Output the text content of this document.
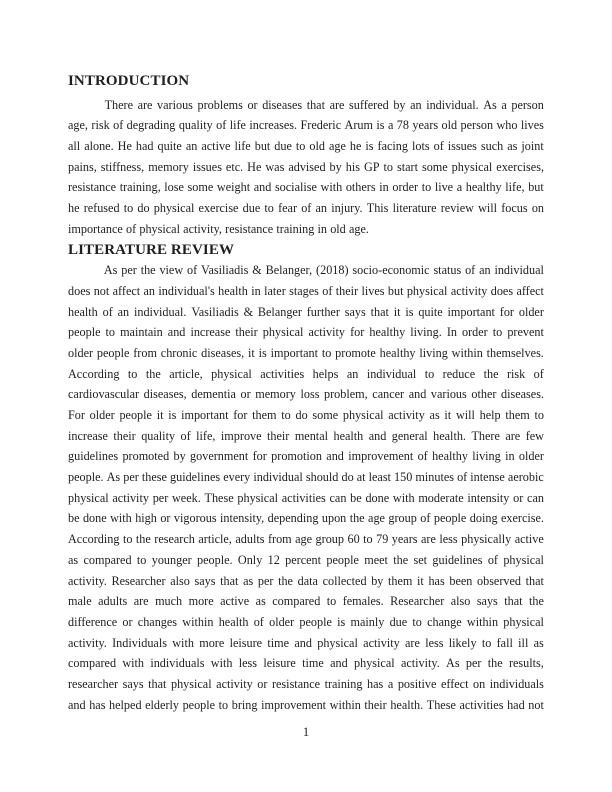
INTRODUCTION
There are various problems or diseases that are suffered by an individual. As a person
age, risk of degrading quality of life increases. Frederic Arum is a 78 years old person who lives
all alone. He had quite an active life but due to old age he is facing lots of issues such as joint
pains, stiffness, memory issues etc. He was advised by his GP to start some physical exercises,
resistance training, lose some weight and socialise with others in order to live a healthy life, but
he refused to do physical exercise due to fear of an injury. This literature review will focus on
importance of physical activity, resistance training in old age.
LITERATURE REVIEW
As per the view of Vasiliadis & Belanger, (2018) socio-economic status of an individual
does not affect an individual's health in later stages of their lives but physical activity does affect
health of an individual. Vasiliadis & Belanger further says that it is quite important for older
people to maintain and increase their physical activity for healthy living. In order to prevent
older people from chronic diseases, it is important to promote healthy living within themselves.
According to the article, physical activities helps an individual to reduce the risk of
cardiovascular diseases, dementia or memory loss problem, cancer and various other diseases.
For older people it is important for them to do some physical activity as it will help them to
increase their quality of life, improve their mental health and general health. There are few
guidelines promoted by government for promotion and improvement of healthy living in older
people. As per these guidelines every individual should do at least 150 minutes of intense aerobic
physical activity per week. These physical activities can be done with moderate intensity or can
be done with high or vigorous intensity, depending upon the age group of people doing exercise.
According to the research article, adults from age group 60 to 79 years are less physically active
as compared to younger people. Only 12 percent people meet the set guidelines of physical
activity. Researcher also says that as per the data collected by them it has been observed that
male adults are much more active as compared to females. Researcher also says that the
difference or changes within health of older people is mainly due to change within physical
activity. Individuals with more leisure time and physical activity are less likely to fall ill as
compared with individuals with less leisure time and physical activity. As per the results,
researcher says that physical activity or resistance training has a positive effect on individuals
and has helped elderly people to bring improvement within their health. These activities had not
1
